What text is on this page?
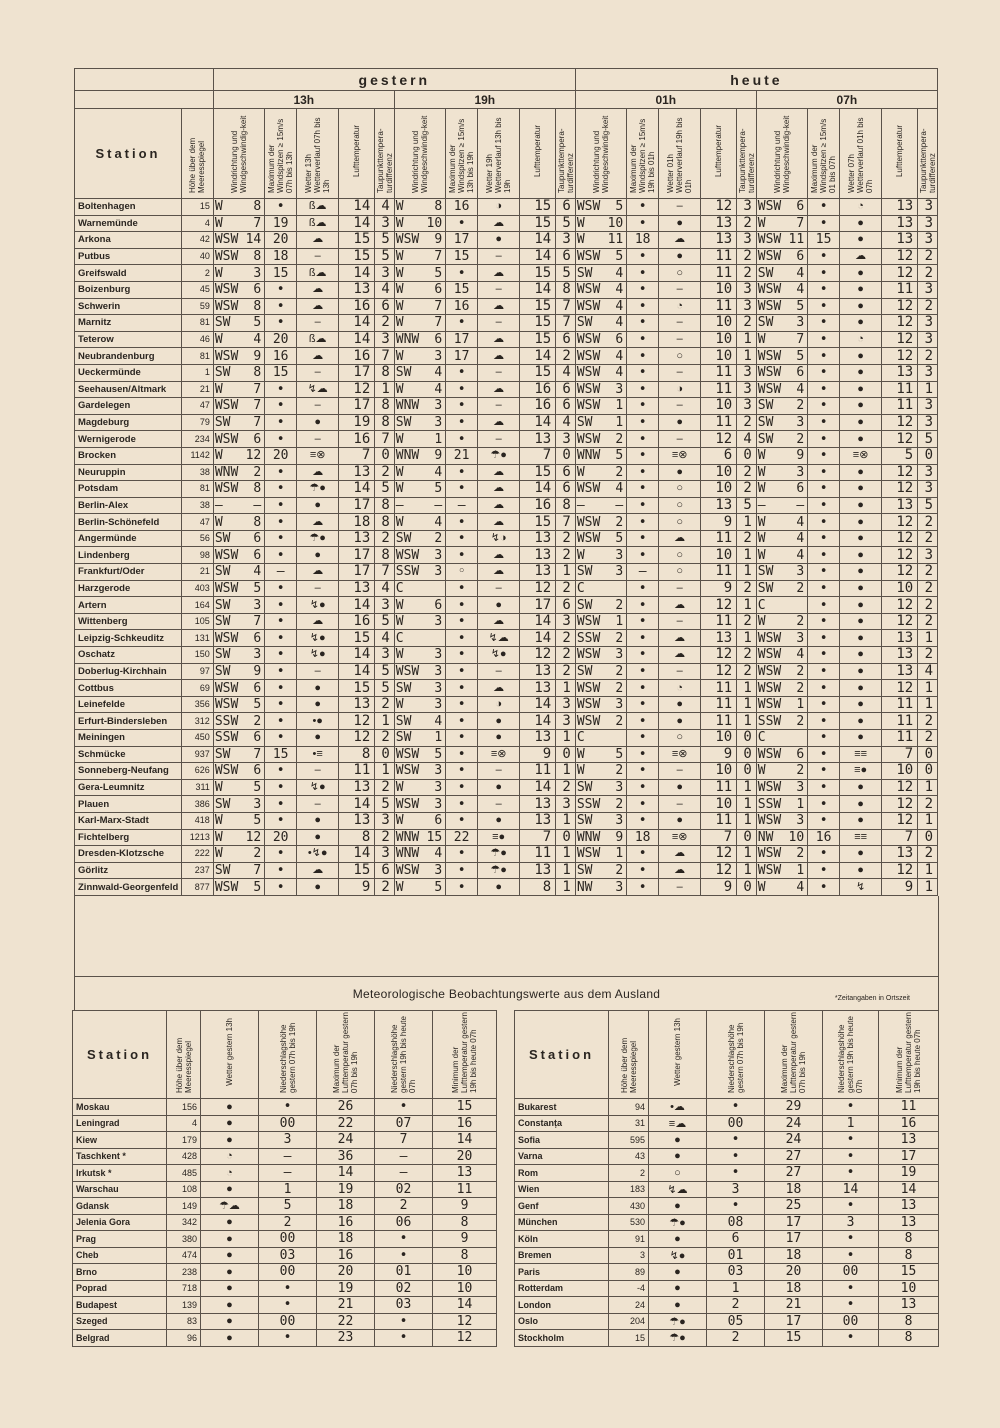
		gestern										heute									
		13h					19h					01h					07h				
Station	Höhe über dem Meeresspiegel	Windrichtung und Windgeschwindig-keit	Maximum der Windspitzen ≥ 15m/s 07h bis 13h	Wetter 13h Wetterverlauf 07h bis 13h	Lufttemperatur	Taupunkttempera-turdifferenz	Windrichtung und Windgeschwindig-keit	Maximum der Windspitzen ≥ 15m/s 13h bis 19h	Wetter 19h Wetterverlauf 13h bis 19h	Lufttemperatur	Taupunkttempera-turdifferenz	Windrichtung und Windgeschwindig-keit	Maximum der Windspitzen ≥ 15m/s 19h bis 01h	Wetter 01h Wetterverlauf 19h bis 01h	Lufttemperatur	Taupunkttempera-turdifferenz	Windrichtung und Windgeschwindig-keit	Maximum der Windspitzen ≥ 15m/s 01 bis 07h	Wetter 07h Wetterverlauf 01h bis 07h	Lufttemperatur	Taupunkttempera-turdifferenz
Boltenhagen	15	W 8	•	ß☁	14	4	W 8	16	◑	15	6	WSW 5	•	–	12	3	WSW 6	•	◔	13	3
Warnemünde	4	W 7	19	ß☁	14	3	W 10	•	☁	15	5	W 10	•	●	13	2	W 7	•	●	13	3
Arkona	42	WSW 14	20	☁	15	5	WSW 9	17	●	14	3	W 11	18	☁	13	3	WSW 11	15	●	13	3
Putbus	40	WSW 8	18	–	15	5	W 7	15	–	14	6	WSW 5	•	●	11	2	WSW 6	•	☁	12	2
Greifswald	2	W 3	15	ß☁	14	3	W 5	•	☁	15	5	SW 4	•	○	11	2	SW 4	•	●	12	2
Boizenburg	45	WSW 6	•	☁	13	4	W 6	15	–	14	8	WSW 4	•	–	10	3	WSW 4	•	●	11	3
Schwerin	59	WSW 8	•	☁	16	6	W 7	16	☁	15	7	WSW 4	•	◔	11	3	WSW 5	•	●	12	2
Marnitz	81	SW 5	•	–	14	2	W 7	•	–	15	7	SW 4	•	–	10	2	SW 3	•	●	12	3
Teterow	46	W 4	20	ß☁	14	3	WNW 6	17	☁	15	6	WSW 6	•	–	10	1	W 7	•	◔	12	3
Neubrandenburg	81	WSW 9	16	☁	16	7	W 3	17	☁	14	2	WSW 4	•	○	10	1	WSW 5	•	●	12	2
Ueckermünde	1	SW 8	15	–	17	8	SW 4	•	–	15	4	WSW 4	•	–	11	3	WSW 6	•	●	13	3
Seehausen/Altmark	21	W 7	•	↯☁	12	1	W 4	•	☁	16	6	WSW 3	•	◑	11	3	WSW 4	•	●	11	1
Gardelegen	47	WSW 7	•	–	17	8	WNW 3	•	–	16	6	WSW 1	•	–	10	3	SW 2	•	●	11	3
Magdeburg	79	SW 7	•	●	19	8	SW 3	•	☁	14	4	SW 1	•	●	11	2	SW 3	•	●	12	3
Wernigerode	234	WSW 6	•	–	16	7	W 1	•	–	13	3	WSW 2	•	–	12	4	SW 2	•	●	12	5
Brocken	1142	W 12	20	≡⊗	7	0	WNW 9	21	☂●	7	0	WNW 5	•	≡⊗	6	0	W 9	•	≡⊗	5	0
Neuruppin	38	WNW 2	•	☁	13	2	W 4	•	☁	15	6	W 2	•	●	10	2	W 3	•	●	12	3
Potsdam	81	WSW 8	•	☂●	14	5	W 5	•	☁	14	6	WSW 4	•	○	10	2	W 6	•	●	12	3
Berlin-Alex	38	– –	•	●	17	8	– –	–	☁	16	8	– –	•	○	13	5	– –	•	●	13	5
Berlin-Schönefeld	47	W 8	•	☁	18	8	W 4	•	☁	15	7	WSW 2	•	○	9	1	W 4	•	●	12	2
Angermünde	56	SW 6	•	☂●	13	2	SW 2	•	↯◑	13	2	WSW 5	•	☁	11	2	W 4	•	●	12	2
Lindenberg	98	WSW 6	•	●	17	8	WSW 3	•	☁	13	2	W 3	•	○	10	1	W 4	•	●	12	3
Frankfurt/Oder	21	SW 4	–	☁	17	7	SSW 3	◦	☁	13	1	SW 3	–	○	11	1	SW 3	•	●	12	2
Harzgerode	403	WSW 5	•	–	13	4	C	•	–	12	2	C	•	–	9	2	SW 2	•	●	10	2
Artern	164	SW 3	•	↯●	14	3	W 6	•	●	17	6	SW 2	•	☁	12	1	C	•	●	12	2
Wittenberg	105	SW 7	•	☁	16	5	W 3	•	☁	14	3	WSW 1	•	–	11	2	W 2	•	●	12	2
Leipzig-Schkeuditz	131	WSW 6	•	↯●	15	4	C	•	↯☁	14	2	SSW 2	•	☁	13	1	WSW 3	•	●	13	1
Oschatz	150	SW 3	•	↯●	14	3	W 3	•	↯●	12	2	WSW 3	•	☁	12	2	WSW 4	•	●	13	2
Doberlug-Kirchhain	97	SW 9	•	–	14	5	WSW 3	•	–	13	2	SW 2	•	–	12	2	WSW 2	•	●	13	4
Cottbus	69	WSW 6	•	●	15	5	SW 3	•	☁	13	1	WSW 2	•	◔	11	1	WSW 2	•	●	12	1
Leinefelde	356	WSW 5	•	●	13	2	W 3	•	◑	14	3	WSW 3	•	●	11	1	WSW 1	•	●	11	1
Erfurt-Bindersleben	312	SSW 2	•	•●	12	1	SW 4	•	●	14	3	WSW 2	•	●	11	1	SSW 2	•	●	11	2
Meiningen	450	SSW 6	•	●	12	2	SW 1	•	●	13	1	C	•	○	10	0	C	•	●	11	2
Schmücke	937	SW 7	15	•≡	8	0	WSW 5	•	≡⊗	9	0	W 5	•	≡⊗	9	0	WSW 6	•	≡≡	7	0
Sonneberg-Neufang	626	WSW 6	•	–	11	1	WSW 3	•	–	11	1	W 2	•	–	10	0	W 2	•	≡●	10	0
Gera-Leumnitz	311	W 5	•	↯●	13	2	W 3	•	●	14	2	SW 3	•	●	11	1	WSW 3	•	●	12	1
Plauen	386	SW 3	•	–	14	5	WSW 3	•	–	13	3	SSW 2	•	–	10	1	SSW 1	•	●	12	2
Karl-Marx-Stadt	418	W 5	•	●	13	3	W 6	•	●	13	1	SW 3	•	●	11	1	WSW 3	•	●	12	1
Fichtelberg	1213	W 12	20	●	8	2	WNW 15	22	≡●	7	0	WNW 9	18	≡⊗	7	0	NW 10	16	≡≡	7	0
Dresden-Klotzsche	222	W 2	•	•↯●	14	3	WNW 4	•	☂●	11	1	WSW 1	•	☁	12	1	WSW 2	•	●	13	2
Görlitz	237	SW 7	•	☁	15	6	WSW 3	•	☂●	13	1	SW 2	•	☁	12	1	WSW 1	•	●	12	1
Zinnwald-Georgenfeld	877	WSW 5	•	●	9	2	W 5	•	●	8	1	NW 3	•	–	9	0	W 4	•	↯	9	1
Meteorologische Beobachtungswerte aus dem Ausland	*Zeitangaben in Ortszeit
Station	Höhe über dem Meeresspiegel	Wetter gestern 13h	Niederschlagshöhe gestern 07h bis 19h	Maximum der Lufttemperatur gestern 07h bis 19h	Niederschlagshöhe gestern 19h bis heute 07h	Minimum der Lufttemperatur gestern 19h bis heute 07h
Moskau	156	●	•	26	•	15
Leningrad	4	●	00	22	07	16
Kiew	179	●	3	24	7	14
Taschkent *	428	◔	–	36	–	20
Irkutsk *	485	◔	–	14	–	13
Warschau	108	●	1	19	02	11
Gdansk	149	☂☁	5	18	2	9
Jelenia Gora	342	●	2	16	06	8
Prag	380	●	00	18	•	9
Cheb	474	●	03	16	•	8
Brno	238	●	00	20	01	10
Poprad	718	●	•	19	02	10
Budapest	139	●	•	21	03	14
Szeged	83	●	00	22	•	12
Belgrad	96	●	•	23	•	12
Station	Höhe über dem Meeresspiegel	Wetter gestern 13h	Niederschlagshöhe gestern 07h bis 19h	Maximum der Lufttemperatur gestern 07h bis 19h	Niederschlagshöhe gestern 19h bis heute 07h	Minimum der Lufttemperatur gestern 19h bis heute 07h
Bukarest	94	•☁	•	29	•	11
Constanța	31	≡☁	00	24	1	16
Sofia	595	●	•	24	•	13
Varna	43	●	•	27	•	17
Rom	2	○	•	27	•	19
Wien	183	↯☁	3	18	14	14
Genf	430	●	•	25	•	13
München	530	☂●	08	17	3	13
Köln	91	●	6	17	•	8
Bremen	3	↯●	01	18	•	8
Paris	89	●	03	20	00	15
Rotterdam	-4	●	1	18	•	10
London	24	●	2	21	•	13
Oslo	204	☂●	05	17	00	8
Stockholm	15	☂●	2	15	•	8
